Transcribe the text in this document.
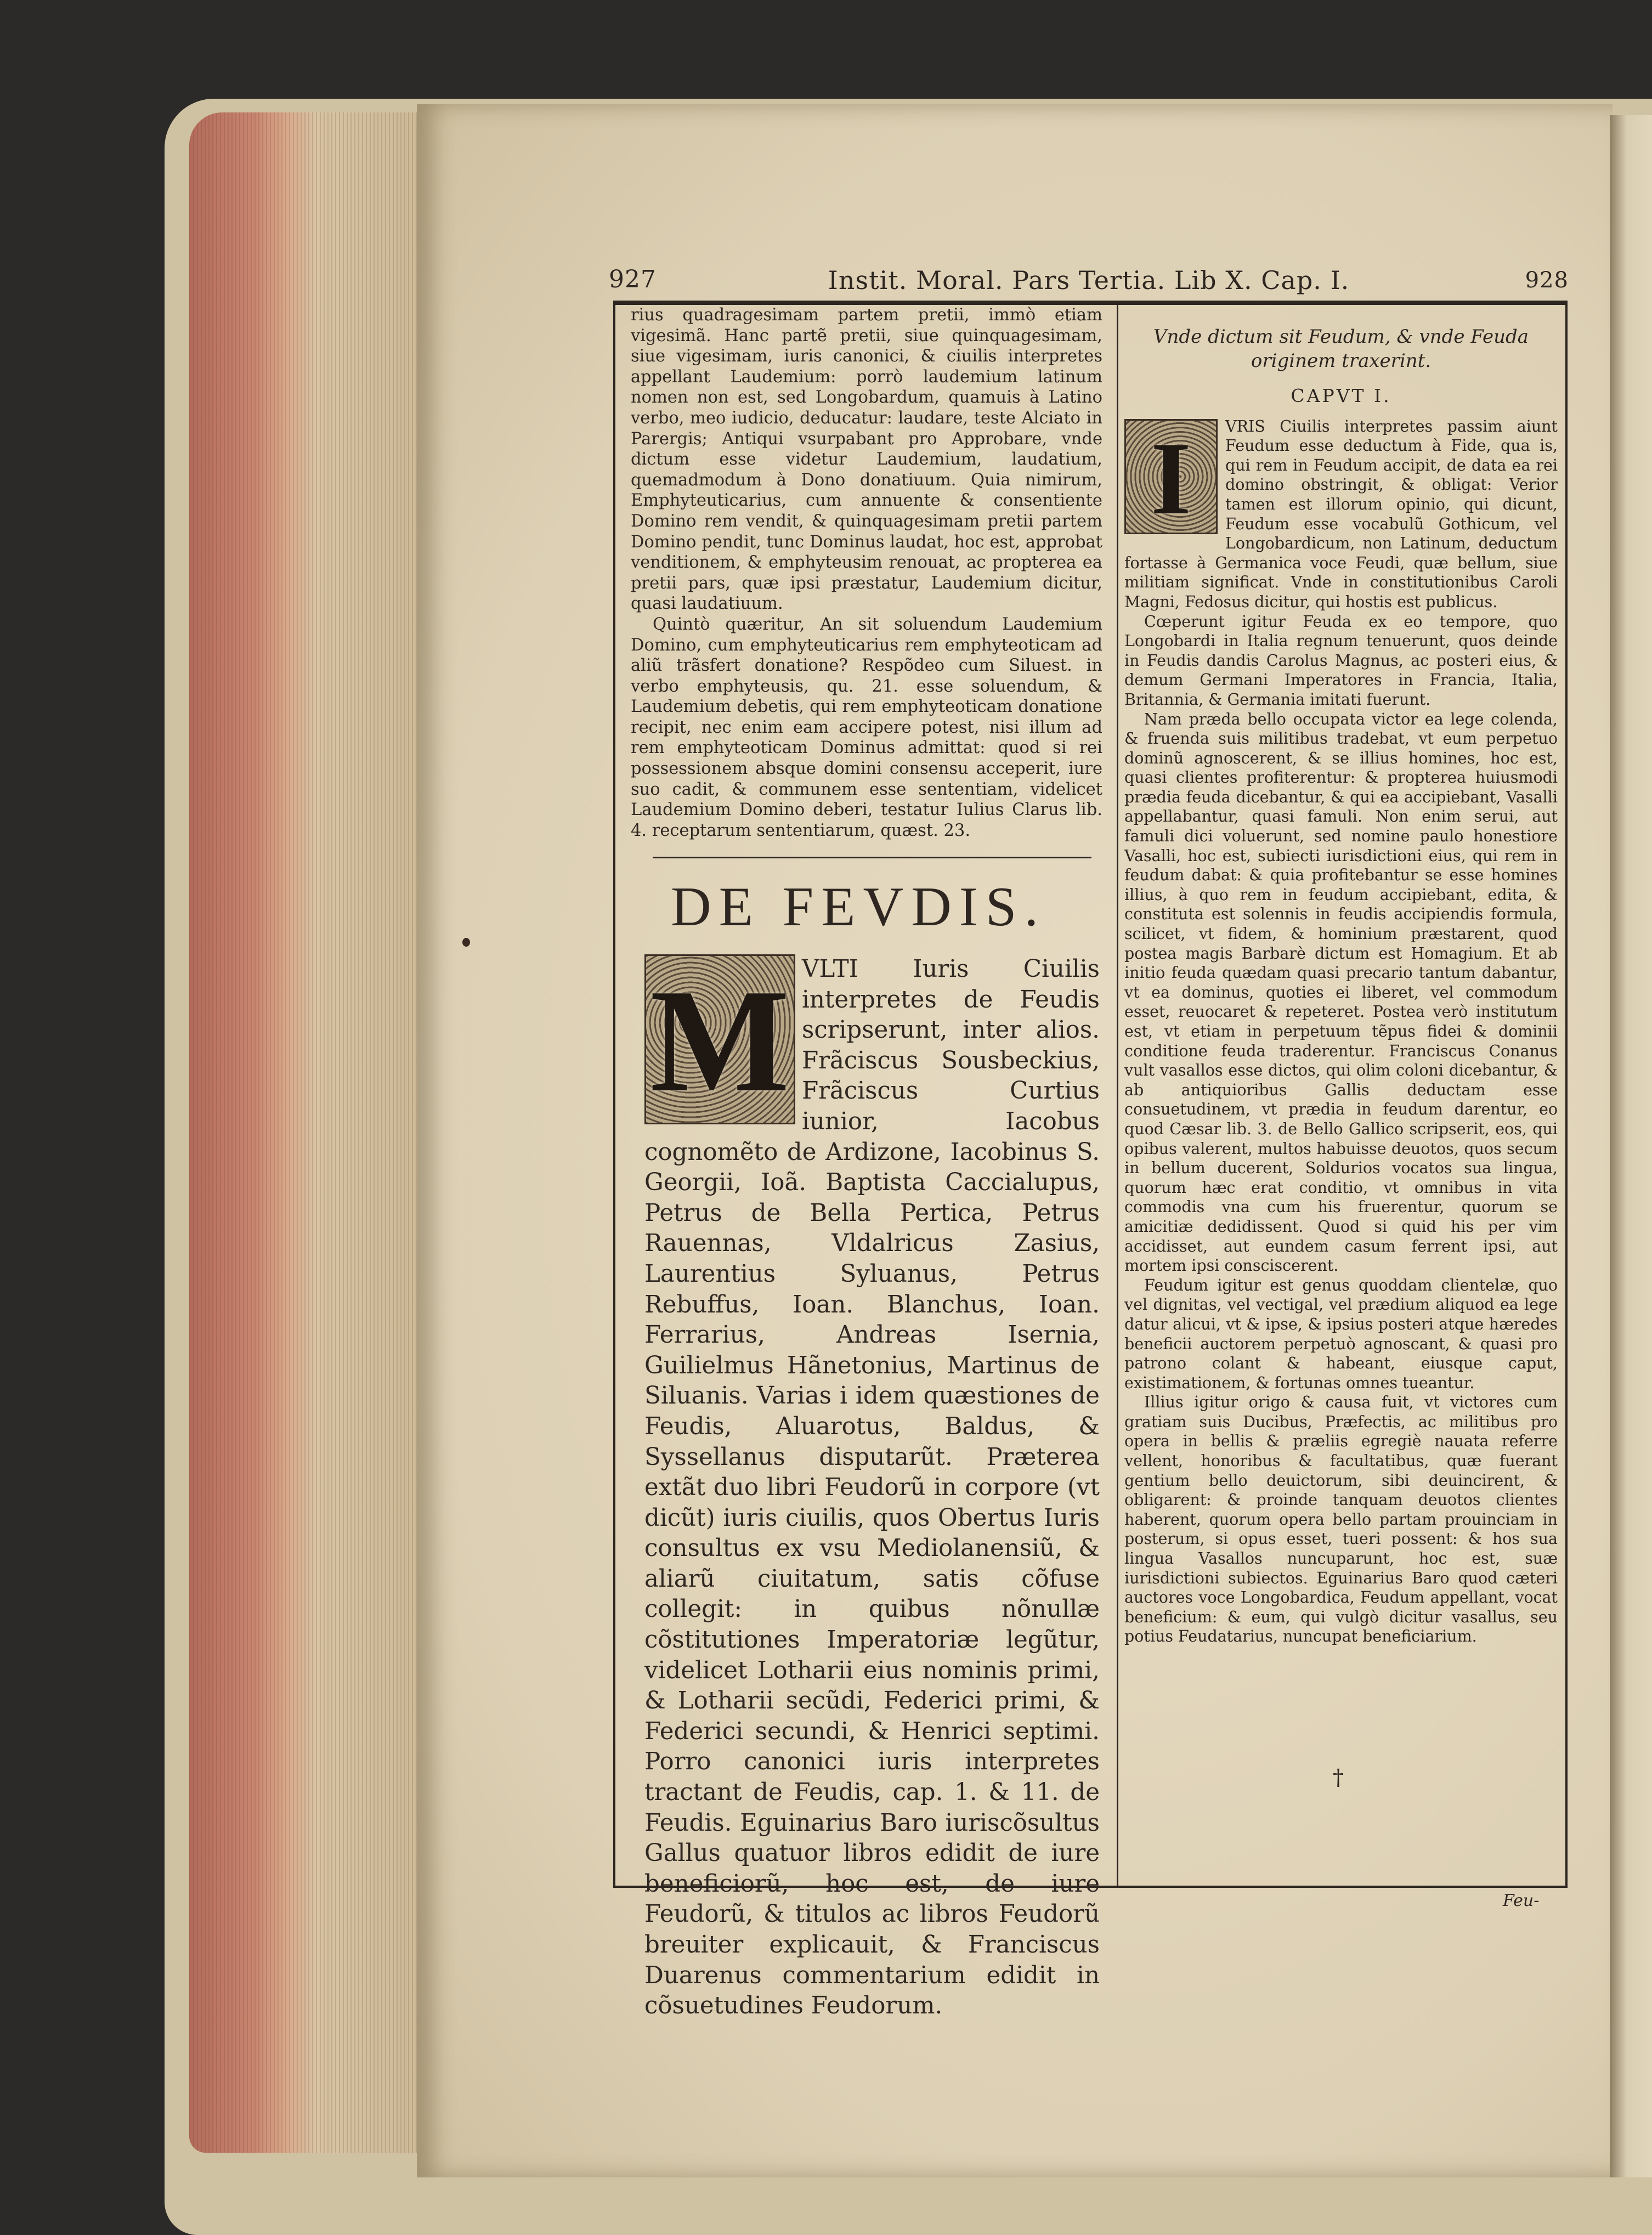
927	Instit. Moral. Pars Tertia. Lib X. Cap. I.	928

rius quadragesimam partem pretii, immò etiam vigesimã. Hanc partẽ pretii, siue quinquagesimam, siue vigesimam, iuris canonici, & ciuilis interpretes appellant Laudemium: porrò laudemium latinum nomen non est, sed Longobardum, quamuis à Latino verbo, meo iudicio, deducatur: laudare, teste Alciato in Parergis; Antiqui vsurpabant pro Approbare, vnde dictum esse videtur Laudemium, laudatium, quemadmodum à Dono donatiuum. Quia nimirum, Emphyteuticarius, cum annuente & consentiente Domino rem vendit, & quinquagesimam pretii partem Domino pendit, tunc Dominus laudat, hoc est, approbat venditionem, & emphyteusim renouat, ac propterea ea pretii pars, quæ ipsi præstatur, Laudemium dicitur, quasi laudatiuum.

Quintò quæritur, An sit soluendum Laudemium Domino, cum emphyteuticarius rem emphyteoticam ad aliũ trãsfert donatione? Respõdeo cum Siluest. in verbo emphyteusis, qu. 21. esse soluendum, & Laudemium debetis, qui rem emphyteoticam donatione recipit, nec enim eam accipere potest, nisi illum ad rem emphyteoticam Dominus admittat: quod si rei possessionem absque domini consensu acceperit, iure suo cadit, & communem esse sententiam, videlicet Laudemium Domino deberi, testatur Iulius Clarus lib. 4. receptarum sententiarum, quæst. 23.

DE FEVDIS.
M VLTI Iuris Ciuilis interpretes de Feudis scripserunt, inter alios. Frãciscus Sousbeckius, Frãciscus Curtius iunior, Iacobus cognomẽto de Ardizone, Iacobinus S. Georgii, Ioã. Baptista Caccialupus, Petrus de Bella Pertica, Petrus Rauennas, Vldalricus Zasius, Laurentius Syluanus, Petrus Rebuffus, Ioan. Blanchus, Ioan. Ferrarius, Andreas Isernia, Guilielmus Hãnetonius, Martinus de Siluanis. Varias i idem quæstiones de Feudis, Aluarotus, Baldus, & Syssellanus disputarũt. Præterea extãt duo libri Feudorũ in corpore (vt dicũt) iuris ciuilis, quos Obertus Iuris consultus ex vsu Mediolanensiũ, & aliarũ ciuitatum, satis cõfuse collegit: in quibus nõnullæ cõstitutiones Imperatoriæ legũtur, videlicet Lotharii eius nominis primi, & Lotharii secũdi, Federici primi, & Federici secundi, & Henrici septimi. Porro canonici iuris interpretes tractant de Feudis, cap. 1. & 11. de Feudis. Eguinarius Baro iuriscõsultus Gallus quatuor libros edidit de iure beneficiorũ, hoc est, de iure Feudorũ, & titulos ac libros Feudorũ breuiter explicauit, & Franciscus Duarenus commentarium edidit in cõsuetudines Feudorum.

Vnde dictum sit Feudum, & vnde Feuda originem traxerint.
CAPVT I.
I	VRIS Ciuilis interpretes passim aiunt Feudum esse deductum à Fide, qua is, qui rem in Feudum accipit, de data ea rei domino obstringit, & obligat: Verior tamen est illorum opinio, qui dicunt, Feudum esse vocabulũ Gothicum, vel Longobardicum, non Latinum, deductum fortasse à Germanica voce Feudi, quæ bellum, siue militiam significat. Vnde in constitutionibus Caroli Magni, Fedosus dicitur, qui hostis est publicus.

Cœperunt igitur Feuda ex eo tempore, quo Longobardi in Italia regnum tenuerunt, quos deinde in Feudis dandis Carolus Magnus, ac posteri eius, & demum Germani Imperatores in Francia, Italia, Britannia, & Germania imitati fuerunt.

Nam præda bello occupata victor ea lege colenda, & fruenda suis militibus tradebat, vt eum perpetuo dominũ agnoscerent, & se illius homines, hoc est, quasi clientes profiterentur: & propterea huiusmodi prædia feuda dicebantur, & qui ea accipiebant, Vasalli appellabantur, quasi famuli. Non enim serui, aut famuli dici voluerunt, sed nomine paulo honestiore Vasalli, hoc est, subiecti iurisdictioni eius, qui rem in feudum dabat: & quia profitebantur se esse homines illius, à quo rem in feudum accipiebant, edita, & constituta est solennis in feudis accipiendis formula, scilicet, vt fidem, & hominium præstarent, quod postea magis Barbarè dictum est Homagium. Et ab initio feuda quædam quasi precario tantum dabantur, vt ea dominus, quoties ei liberet, vel commodum esset, reuocaret & repeteret. Postea verò institutum est, vt etiam in perpetuum tẽpus fidei & dominii conditione feuda traderentur. Franciscus Conanus vult vasallos esse dictos, qui olim coloni dicebantur, & ab antiquioribus Gallis deductam esse consuetudinem, vt prædia in feudum darentur, eo quod Cæsar lib. 3. de Bello Gallico scripserit, eos, qui opibus valerent, multos habuisse deuotos, quos secum in bellum ducerent, Soldurios vocatos sua lingua, quorum hæc erat conditio, vt omnibus in vita commodis vna cum his fruerentur, quorum se amicitiæ dedidissent. Quod si quid his per vim accidisset, aut eundem casum ferrent ipsi, aut mortem ipsi consciscerent.

Feudum igitur est genus quoddam clientelæ, quo vel dignitas, vel vectigal, vel prædium aliquod ea lege datur alicui, vt & ipse, & ipsius posteri atque hæredes beneficii auctorem perpetuò agnoscant, & quasi pro patrono colant & habeant, eiusque caput, existimationem, & fortunas omnes tueantur.

Illius igitur origo & causa fuit, vt victores cum gratiam suis Ducibus, Præfectis, ac militibus pro opera in bellis & præliis egregiè nauata referre vellent, honoribus & facultatibus, quæ fuerant gentium bello deuictorum, sibi deuincirent, & obligarent: & proinde tanquam deuotos clientes haberent, quorum opera bello partam prouinciam in posterum, si opus esset, tueri possent: & hos sua lingua Vasallos nuncuparunt, hoc est, suæ iurisdictioni subiectos. Eguinarius Baro quod cæteri auctores voce Longobardica, Feudum appellant, vocat beneficium: & eum, qui vulgò dicitur vasallus, seu potius Feudatarius, nuncupat beneficiarium.

†
Feu-
